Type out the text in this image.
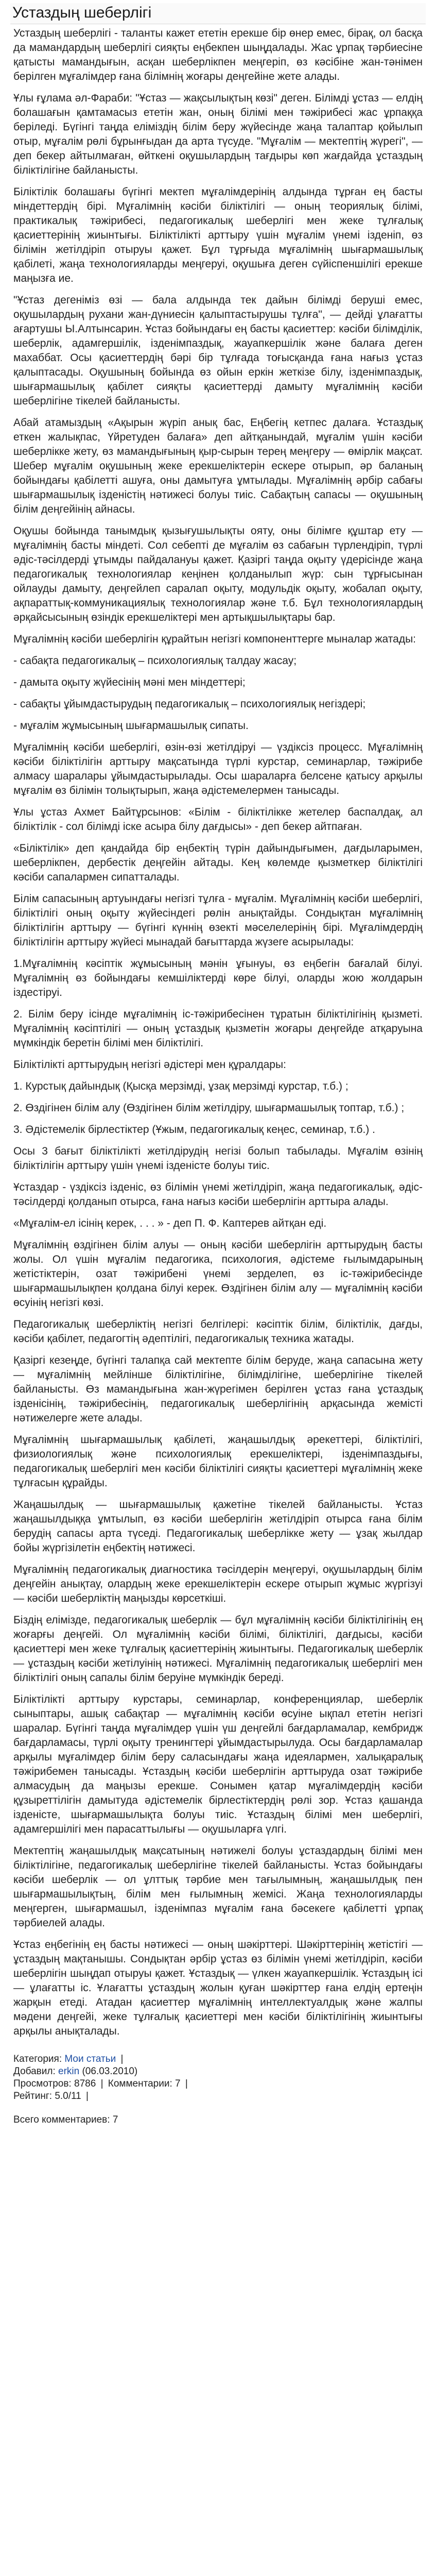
Устаздың шеберлігі

Устаздың шеберлігі - таланты кажет ететін ерекше бір өнер емес, бірақ, ол басқа да мамандардың шеберлігі сияқты еңбекпен шыңдалады. Жас ұрпақ тәрбиесіне қатысты мамандығын, асқан шеберлікпен меңгеріп, өз кәсібіне жан-тәнімен берілген мұғалімдер ғана білімнің жоғары деңгейіне жете алады.

Ұлы ғұлама әл-Фараби: "Ұстаз — жақсылықтың көзі" деген. Білімді ұстаз — елдің болашағын қамтамасыз ететін жан, оның білімі мен тәжірибесі жас ұрпаққа беріледі. Бүгінгі таңда еліміздің білім беру жүйесінде жаңа талаптар қойылып отыр, мұғалім рөлі бұрынғыдан да арта түсуде. "Мұғалім — мектептің жүрегі", — деп бекер айтылмаған, өйткені оқушылардың тағдыры көп жағдайда ұстаздың біліктілігіне байланысты.

Біліктілік болашағы бүгінгі мектеп мұғалімдерінің алдында тұрған ең басты міндеттердің бірі. Мұғалімнің кәсіби біліктілігі — оның теориялық білімі, практикалық тәжірибесі, педагогикалық шеберлігі мен жеке тұлғалық қасиеттерінің жиынтығы. Біліктілікті арттыру үшін мұғалім үнемі ізденіп, өз білімін жетілдіріп отыруы қажет. Бұл тұрғыда мұғалімнің шығармашылық қабілеті, жаңа технологияларды меңгеруі, оқушыға деген сүйіспеншілігі ерекше маңызға ие.

"Ұстаз дегеніміз өзі — бала алдында тек дайын білімді берушi емес, оқушылардың рухани жан-дүниесін қалыптастырушы тұлға", — дейді ұлағатты ағартушы Ы.Алтынсарин. Ұстаз бойындағы ең басты қасиеттер: кәсіби білімділік, шеберлік, адамгершілік, ізденімпаздық, жауапкершілік және балаға деген махаббат. Осы қасиеттердің бәрі бір тұлғада тоғысқанда ғана нағыз ұстаз қалыптасады. Оқушының бойында өз ойын еркін жеткізе білу, ізденімпаздық, шығармашылық қабілет сияқты қасиеттерді дамыту мұғалімнің кәсіби шеберлігіне тікелей байланысты.

Абай атамыздың «Ақырын жүріп анық бас, Еңбегің кетпес далаға. Ұстаздық еткен жалықпас, Үйретуден балаға» деп айтқанындай, мұғалім үшін кәсіби шеберлікке жету, өз мамандығының қыр-сырын терең меңгеру — өмірлік мақсат. Шебер мұғалім оқушының жеке ерекшеліктерін ескере отырып, әр баланың бойындағы қабілетті ашуға, оны дамытуға ұмтылады. Мұғалімнің әрбір сабағы шығармашылық ізденістің нәтижесі болуы тиіс. Сабақтың сапасы — оқушының білім деңгейінің айнасы.

Оқушы бойында танымдық қызығушылықты ояту, оны білімге құштар ету — мұғалімнің басты міндеті. Сол себепті де мұғалім өз сабағын түрлендіріп, түрлі әдіс-тәсілдерді ұтымды пайдалануы қажет. Қазіргі таңда оқыту үдерісінде жаңа педагогикалық технологиялар кеңінен қолданылып жүр: сын тұрғысынан ойлауды дамыту, деңгейлеп саралап оқыту, модульдік оқыту, жобалап оқыту, ақпараттық-коммуникациялық технологиялар және т.б. Бұл технологиялардың әрқайсысының өзіндік ерекшеліктері мен артықшылықтары бар.

Мұғалімнің кәсіби шеберлігін құрайтын негізгі компоненттерге мыналар жатады:

- сабақта педагогикалық – психологиялық талдау жасау;

- дамыта оқыту жүйесінің мәні мен міндеттері;

- сабақты ұйымдастырудың педагогикалық – психологиялық негіздері;

- мұғалім жұмысының шығармашылық сипаты.

Мұғалімнің кәсіби шеберлігі, өзін-өзі жетілдіруі — үздіксіз процесс. Мұғалімнің кәсіби біліктілігін арттыру мақсатында түрлі курстар, семинарлар, тәжірибе алмасу шаралары ұйымдастырылады. Осы шараларға белсене қатысу арқылы мұғалім өз білімін толықтырып, жаңа әдістемелермен танысады.

Ұлы ұстаз Ахмет Байтұрсынов: «Білім - біліктілікке жетелер баспалдақ, ал біліктілік - сол білімді іске асыра білу дағдысы» - деп бекер айтпаған.

«Біліктілік» деп қандайда бір еңбектің түрін дайындығымен, дағдыларымен, шеберлікпен, дербестік деңгейін айтады. Кең көлемде қызметкер біліктілігі кәсіби сапалармен сипатталады.

Білім сапасының артуындағы негізгі тұлға - мұғалім. Мұғалімнің кәсіби шеберлігі, біліктілігі оның оқыту жүйесіндегі рөлін анықтайды. Сондықтан мұғалімнің біліктілігін арттыру — бүгінгі күннің өзекті мәселелерінің бірі. Мұғалімдердің біліктілігін арттыру жүйесі мынадай бағыттарда жүзеге асырылады:

1.Мұғалімнің кәсіптік жұмысының мәнін ұғынуы, өз еңбегін бағалай білуі. Мұғалімнің өз бойындағы кемшіліктерді көре білуі, оларды жою жолдарын іздестіруі.

2. Білім беру ісінде мұғалімнің іс-тәжірибесінен тұратын біліктілігінің қызметі. Мұғалімнің кәсіптілігі — оның ұстаздық қызметін жоғары деңгейде атқаруына мүмкіндік беретін білімі мен біліктілігі.

Біліктілікті арттырудың негізгі әдістері мен құралдары:

1. Курстық дайындық (Қысқа мерзімді, ұзақ мерзімді курстар, т.б.) ;

2. Өздігінен білім алу (Өздігінен білім жетілдіру, шығармашылық топтар, т.б.) ;

3. Әдістемелік бірлестіктер (Ұжым, педагогикалық кеңес, семинар, т.б.) .

Осы 3 бағыт біліктілікті жетілдірудің негізі болып табылады. Мұғалім өзінің біліктілігін арттыру үшін үнемі ізденісте болуы тиіс.

Ұстаздар - үздіксіз ізденіс, өз білімін үнемі жетілдіріп, жаңа педагогикалық, әдіс-тәсілдерді қолданып отырса, ғана нағыз кәсіби шеберлігін арттыра алады.

«Мұғалім-ел ісінің керек, . . . » - деп П. Ф. Каптерев айтқан еді.

Мұғалімнің өздігінен білім алуы — оның кәсіби шеберлігін арттырудың басты жолы. Ол үшін мұғалім педагогика, психология, әдістеме ғылымдарының жетістіктерін, озат тәжірибені үнемі зерделеп, өз іс-тәжірибесінде шығармашылықпен қолдана білуі керек. Өздігінен білім алу — мұғалімнің кәсіби өсуінің негізгі көзі.

Педагогикалық шеберліктің негізгі белгілері: кәсіптік білім, біліктілік, дағды, кәсіби қабілет, педагогтің әдептілігі, педагогикалық техника жатады.

Қазіргі кезеңде, бүгінгі талапқа сай мектепте білім беруде, жаңа сапасына жету — мұғалімнің мейлінше біліктілігіне, білімділігіне, шеберлігіне тікелей байланысты. Өз мамандығына жан-жүрегімен берілген ұстаз ғана ұстаздық ізденісінің, тәжірибесінің, педагогикалық шеберлігінің арқасында жемісті нәтижелерге жете алады.

Мұғалімнің шығармашылық қабілеті, жаңашылдық әрекеттері, біліктілігі, физиологиялық және психологиялық ерекшеліктері, ізденімпаздығы, педагогикалық шеберлігі мен кәсіби біліктілігі сияқты қасиеттері мұғалімнің жеке тұлғасын құрайды.

Жаңашылдық — шығармашылық қажетіне тікелей байланысты. Ұстаз жаңашылдыққа ұмтылып, өз кәсіби шеберлігін жетілдіріп отырса ғана білім берудің сапасы арта түседі. Педагогикалық шеберлікке жету — ұзақ жылдар бойы жүргізілетін еңбектің нәтижесі.

Мұғалімнің педагогикалық диагностика тәсілдерін меңгеруі, оқушылардың білім деңгейін анықтау, олардың жеке ерекшеліктерін ескере отырып жұмыс жүргізуі — кәсіби шеберліктің маңызды көрсеткіші.

Біздің елімізде, педагогикалық шеберлік — бұл мұғалімнің кәсіби біліктілігінің ең жоғарғы деңгейі. Ол мұғалімнің кәсіби білімі, біліктілігі, дағдысы, кәсіби қасиеттері мен жеке тұлғалық қасиеттерінің жиынтығы. Педагогикалық шеберлік — ұстаздың кәсіби жетілуінің нәтижесі. Мұғалімнің педагогикалық шеберлігі мен біліктілігі оның сапалы білім беруіне мүмкіндік береді.

Біліктілікті арттыру курстары, семинарлар, конференциялар, шеберлік сыныптары, ашық сабақтар — мұғалімнің кәсіби өсуіне ықпал ететін негізгі шаралар. Бүгінгі таңда мұғалімдер үшін үш деңгейлі бағдарламалар, кембридж бағдарламасы, түрлі оқыту тренингтері ұйымдастырылуда. Осы бағдарламалар арқылы мұғалімдер білім беру саласындағы жаңа идеялармен, халықаралық тәжірибемен танысады. Ұстаздың кәсіби шеберлігін арттыруда озат тәжірибе алмасудың да маңызы ерекше. Сонымен қатар мұғалімдердің кәсіби құзыреттілігін дамытуда әдістемелік бірлестіктердің рөлі зор. Ұстаз қашанда ізденісте, шығармашылықта болуы тиіс. Ұстаздың білімі мен шеберлігі, адамгершілігі мен парасаттылығы — оқушыларға үлгі.

Мектептің жаңашылдық мақсатының нәтижелі болуы ұстаздардың білімі мен біліктілігіне, педагогикалық шеберлігіне тікелей байланысты. Ұстаз бойындағы кәсіби шеберлік — ол ұлттық тәрбие мен тағылымның, жаңашылдық пен шығармашылықтың, білім мен ғылымның жемісі. Жаңа технологияларды меңгерген, шығармашыл, ізденімпаз мұғалім ғана бәсекеге қабілетті ұрпақ тәрбиелей алады.

Ұстаз еңбегінің ең басты нәтижесі — оның шәкірттері. Шәкірттерінің жетістігі — ұстаздың мақтанышы. Сондықтан әрбір ұстаз өз білімін үнемі жетілдіріп, кәсіби шеберлігін шыңдап отыруы қажет. Ұстаздық — үлкен жауапкершілік. Ұстаздың ісі — ұлағатты іс. Ұлағатты ұстаздың жолын қуған шәкірттер ғана елдің ертеңін жарқын етеді. Атадан қасиеттер мұғалімнің интеллектуалдық және жалпы мәдени деңгейі, жеке тұлғалық қасиеттері мен кәсіби біліктілігінің жиынтығы арқылы анықталады.

Категория: Мои статьи |

Добавил: erkin (06.03.2010)

Просмотров: 8786 | Комментарии: 7 |

Рейтинг: 5.0/11 |

Всего комментариев: 7
